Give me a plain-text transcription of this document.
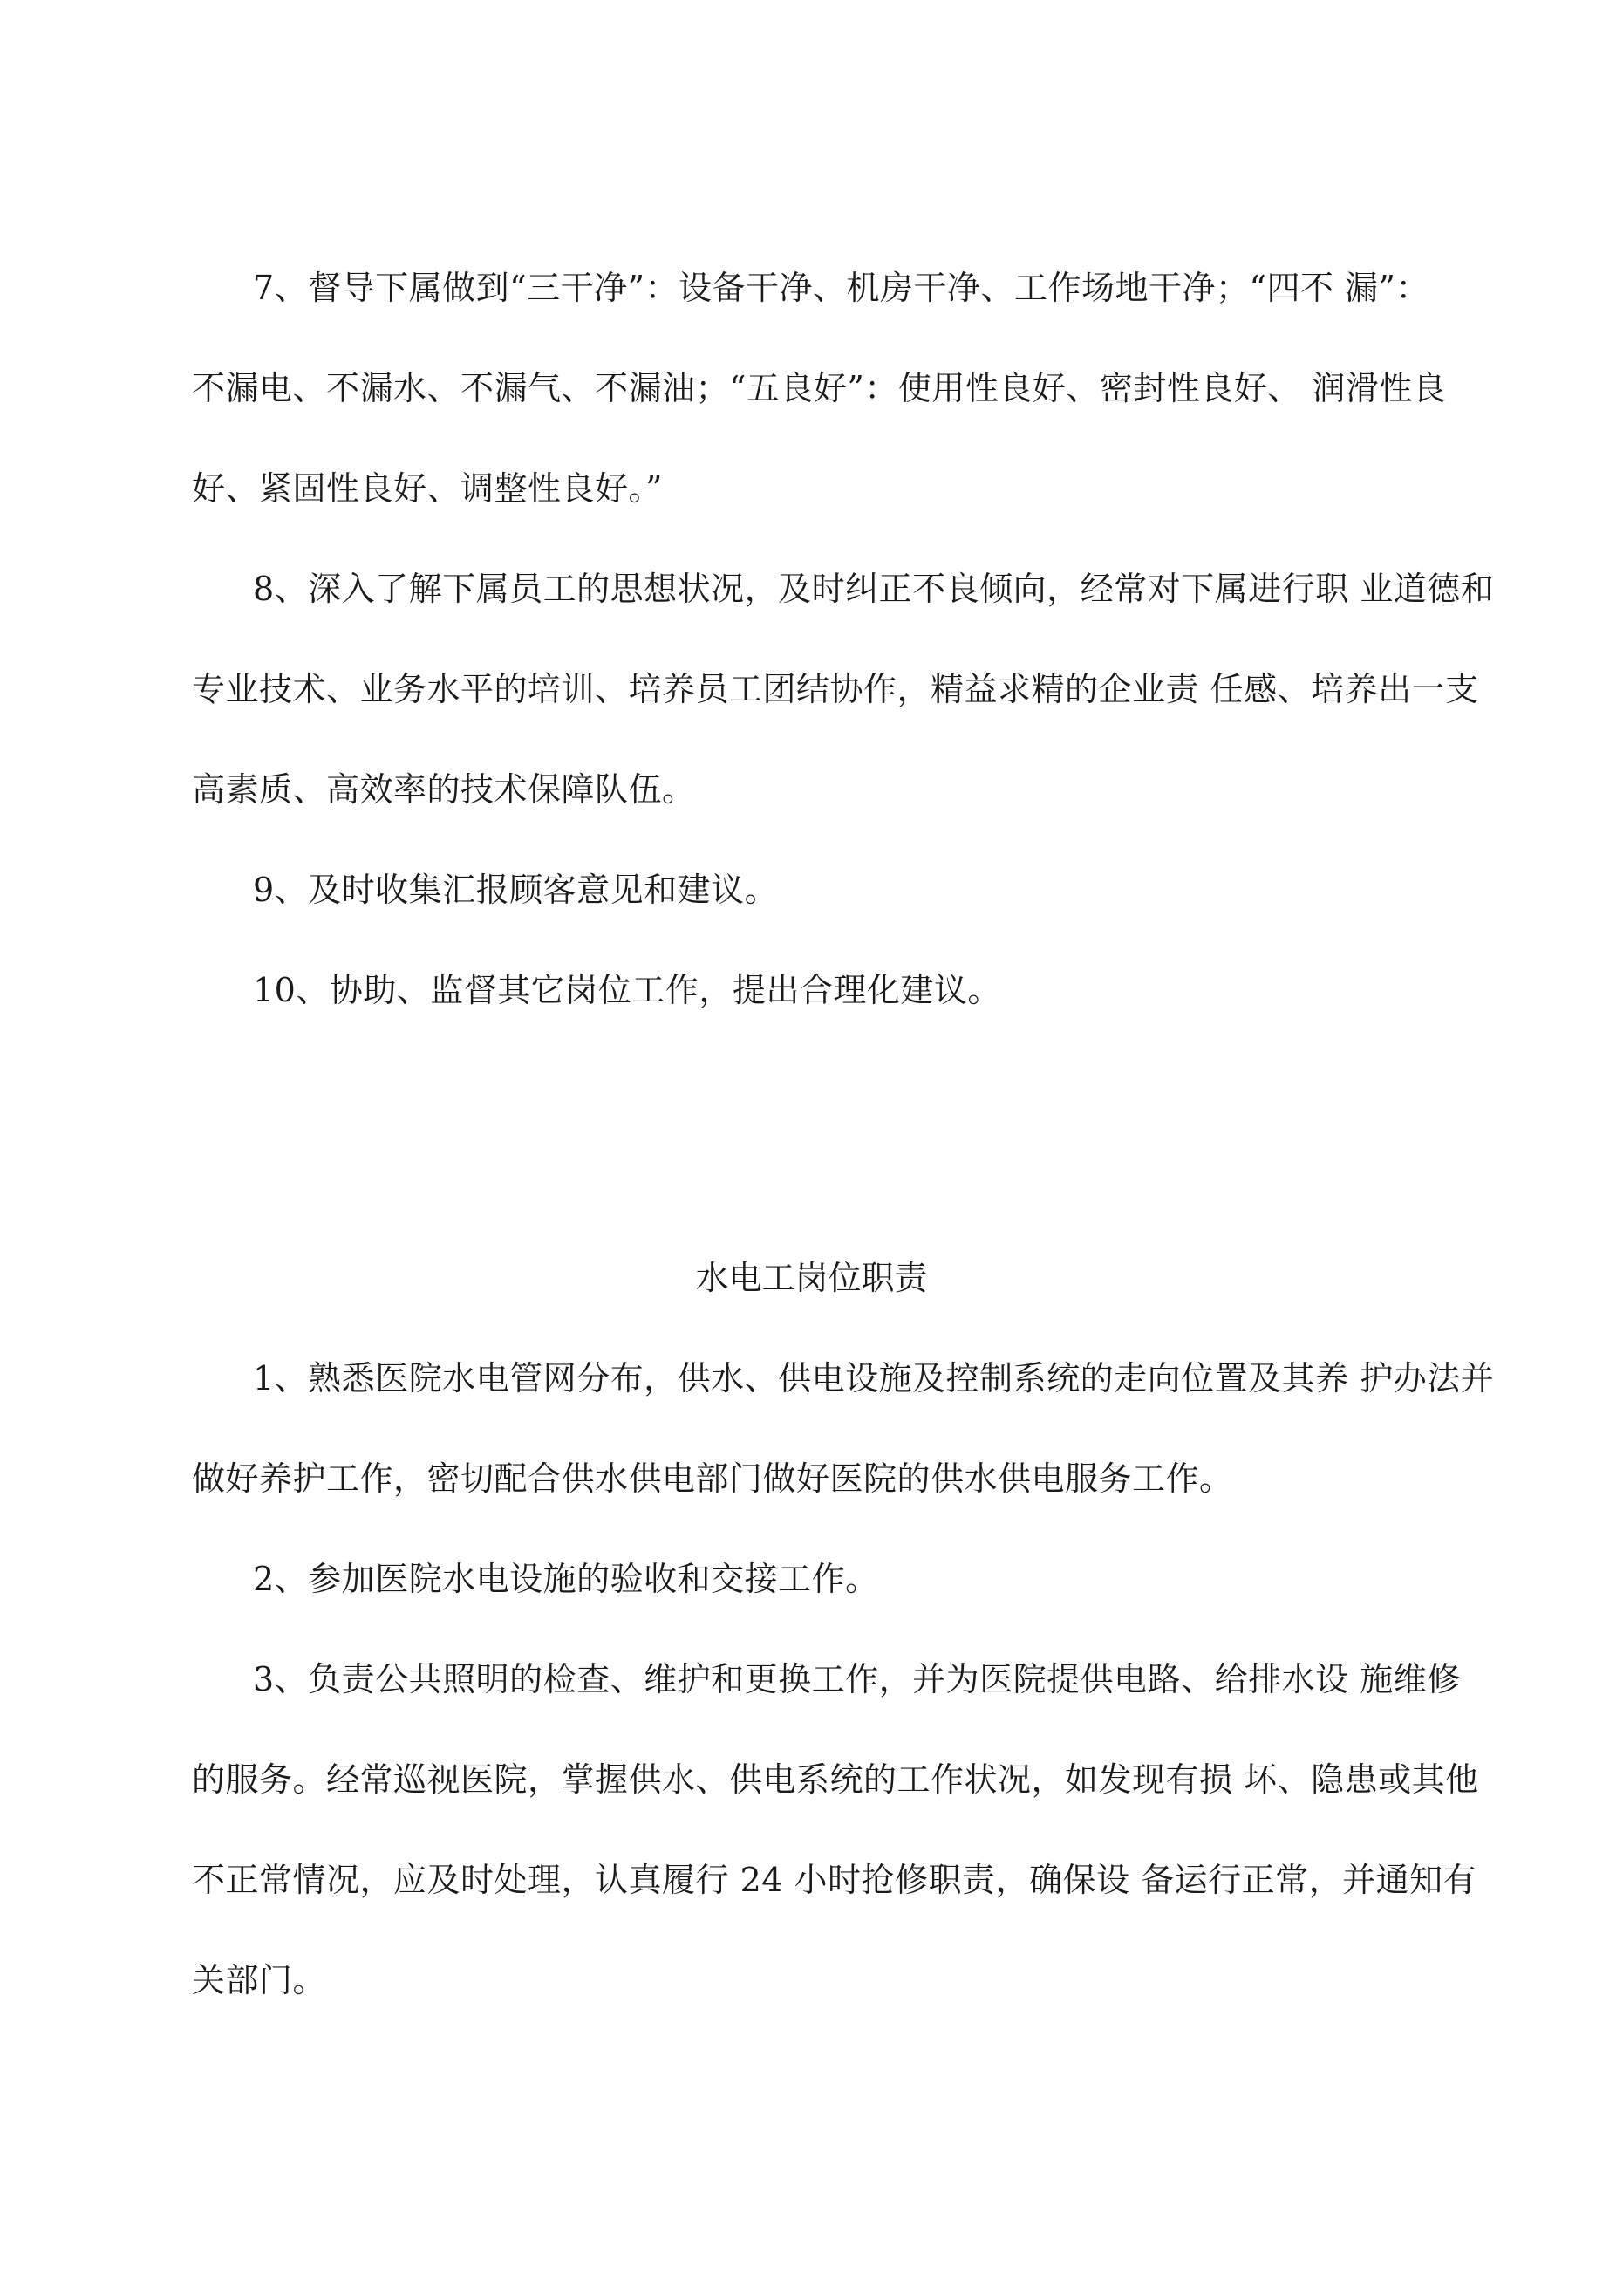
7、督导下属做到“三干净”：设备干净、机房干净、工作场地干净；“四不 漏”：
不漏电、不漏水、不漏气、不漏油；“五良好”：使用性良好、密封性良好、 润滑性良
好、紧固性良好、调整性良好。”
8、深入了解下属员工的思想状况，及时纠正不良倾向，经常对下属进行职 业道德和
专业技术、业务水平的培训、培养员工团结协作，精益求精的企业责 任感、培养出一支
高素质、高效率的技术保障队伍。
9、及时收集汇报顾客意见和建议。
10、协助、监督其它岗位工作，提出合理化建议。
水电工岗位职责
1、熟悉医院水电管网分布，供水、供电设施及控制系统的走向位置及其养 护办法并
做好养护工作，密切配合供水供电部门做好医院的供水供电服务工作。
2、参加医院水电设施的验收和交接工作。
3、负责公共照明的检查、维护和更换工作，并为医院提供电路、给排水设 施维修
的服务。经常巡视医院，掌握供水、供电系统的工作状况，如发现有损 坏、隐患或其他
不正常情况，应及时处理，认真履行 24 小时抢修职责，确保设 备运行正常，并通知有
关部门。
